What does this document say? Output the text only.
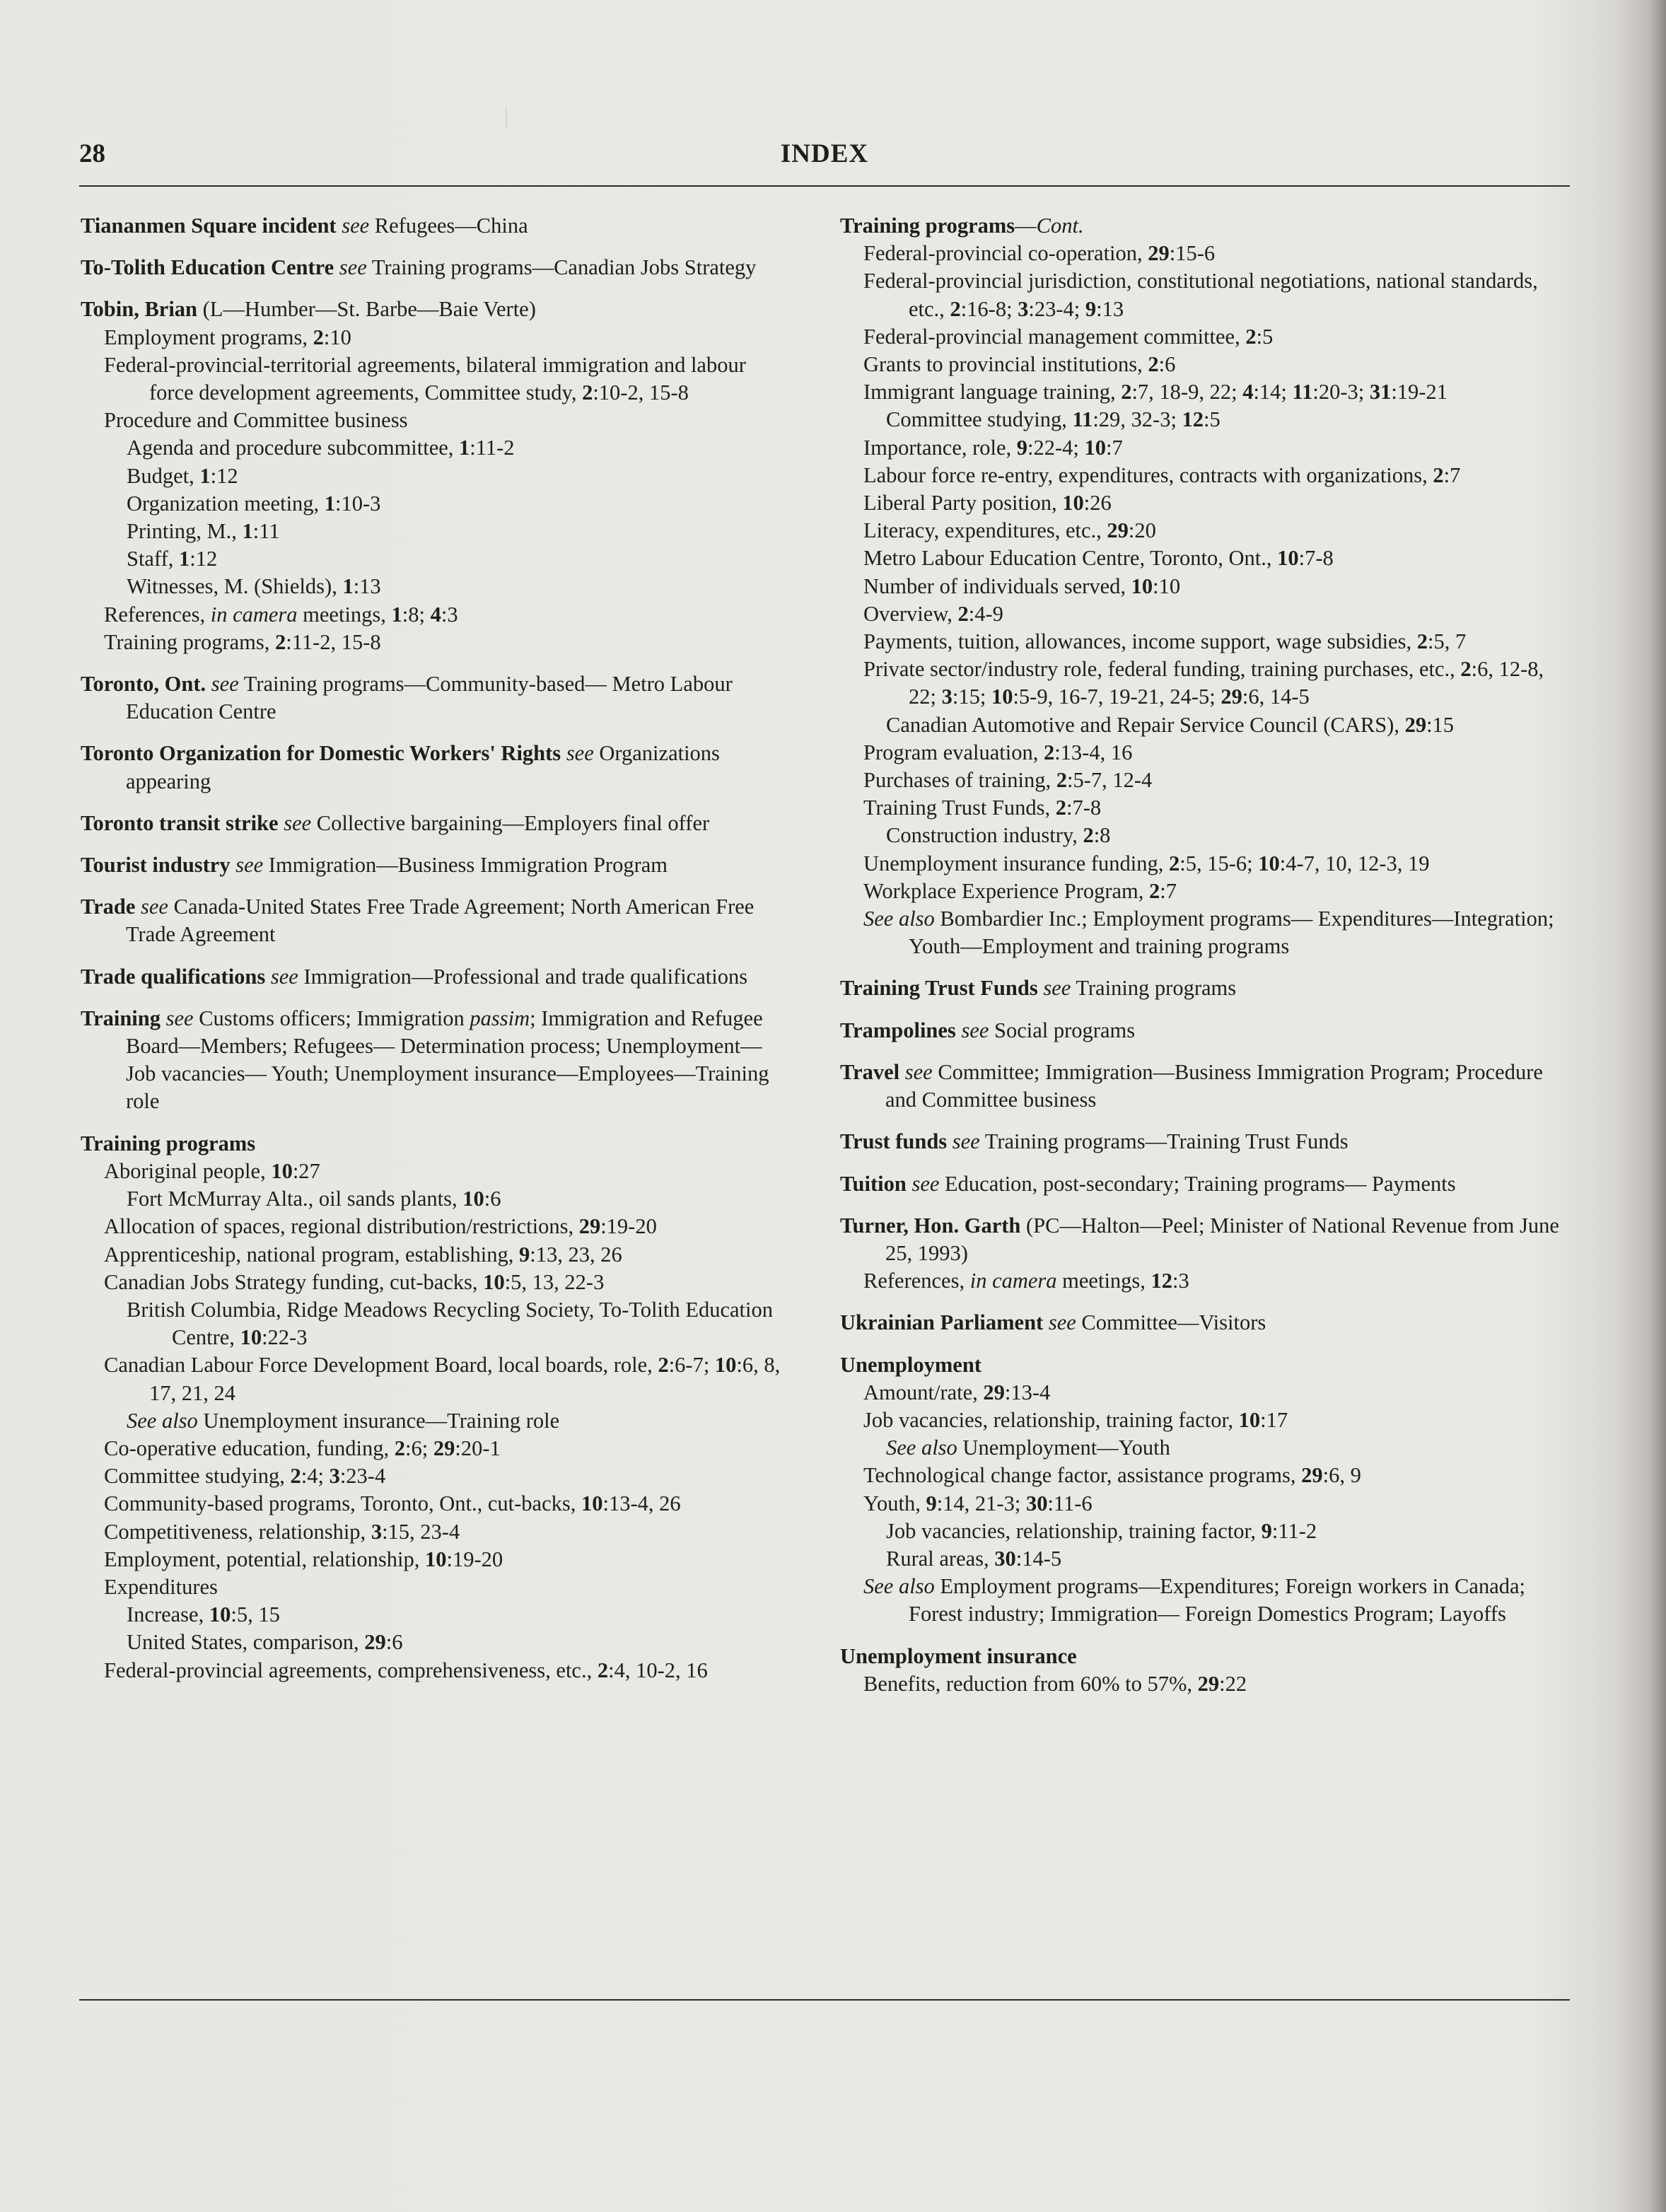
28	INDEX
Tiananmen Square incident see Refugees—China
To-Tolith Education Centre see Training programs—Canadian Jobs Strategy
Tobin, Brian (L—Humber—St. Barbe—Baie Verte)
Employment programs, 2:10
Federal-provincial-territorial agreements, bilateral immigration and labour force development agreements, Committee study, 2:10-2, 15-8
Procedure and Committee business
Agenda and procedure subcommittee, 1:11-2
Budget, 1:12
Organization meeting, 1:10-3
Printing, M., 1:11
Staff, 1:12
Witnesses, M. (Shields), 1:13
References, in camera meetings, 1:8; 4:3
Training programs, 2:11-2, 15-8
Toronto, Ont. see Training programs—Community-based— Metro Labour Education Centre
Toronto Organization for Domestic Workers' Rights see Organizations appearing
Toronto transit strike see Collective bargaining—Employers final offer
Tourist industry see Immigration—Business Immigration Program
Trade see Canada-United States Free Trade Agreement; North American Free Trade Agreement
Trade qualifications see Immigration—Professional and trade qualifications
Training see Customs officers; Immigration passim; Immigration and Refugee Board—Members; Refugees— Determination process; Unemployment—Job vacancies— Youth; Unemployment insurance—Employees—Training role
Training programs
Aboriginal people, 10:27
Fort McMurray Alta., oil sands plants, 10:6
Allocation of spaces, regional distribution/restrictions, 29:19-20
Apprenticeship, national program, establishing, 9:13, 23, 26
Canadian Jobs Strategy funding, cut-backs, 10:5, 13, 22-3
British Columbia, Ridge Meadows Recycling Society, To-Tolith Education Centre, 10:22-3
Canadian Labour Force Development Board, local boards, role, 2:6-7; 10:6, 8, 17, 21, 24
See also Unemployment insurance—Training role
Co-operative education, funding, 2:6; 29:20-1
Committee studying, 2:4; 3:23-4
Community-based programs, Toronto, Ont., cut-backs, 10:13-4, 26
Competitiveness, relationship, 3:15, 23-4
Employment, potential, relationship, 10:19-20
Expenditures
Increase, 10:5, 15
United States, comparison, 29:6
Federal-provincial agreements, comprehensiveness, etc., 2:4, 10-2, 16
Training programs—Cont.
Federal-provincial co-operation, 29:15-6
Federal-provincial jurisdiction, constitutional negotiations, national standards, etc., 2:16-8; 3:23-4; 9:13
Federal-provincial management committee, 2:5
Grants to provincial institutions, 2:6
Immigrant language training, 2:7, 18-9, 22; 4:14; 11:20-3; 31:19-21
Committee studying, 11:29, 32-3; 12:5
Importance, role, 9:22-4; 10:7
Labour force re-entry, expenditures, contracts with organizations, 2:7
Liberal Party position, 10:26
Literacy, expenditures, etc., 29:20
Metro Labour Education Centre, Toronto, Ont., 10:7-8
Number of individuals served, 10:10
Overview, 2:4-9
Payments, tuition, allowances, income support, wage subsidies, 2:5, 7
Private sector/industry role, federal funding, training purchases, etc., 2:6, 12-8, 22; 3:15; 10:5-9, 16-7, 19-21, 24-5; 29:6, 14-5
Canadian Automotive and Repair Service Council (CARS), 29:15
Program evaluation, 2:13-4, 16
Purchases of training, 2:5-7, 12-4
Training Trust Funds, 2:7-8
Construction industry, 2:8
Unemployment insurance funding, 2:5, 15-6; 10:4-7, 10, 12-3, 19
Workplace Experience Program, 2:7
See also Bombardier Inc.; Employment programs— Expenditures—Integration; Youth—Employment and training programs
Training Trust Funds see Training programs
Trampolines see Social programs
Travel see Committee; Immigration—Business Immigration Program; Procedure and Committee business
Trust funds see Training programs—Training Trust Funds
Tuition see Education, post-secondary; Training programs— Payments
Turner, Hon. Garth (PC—Halton—Peel; Minister of National Revenue from June 25, 1993)
References, in camera meetings, 12:3
Ukrainian Parliament see Committee—Visitors
Unemployment
Amount/rate, 29:13-4
Job vacancies, relationship, training factor, 10:17
See also Unemployment—Youth
Technological change factor, assistance programs, 29:6, 9
Youth, 9:14, 21-3; 30:11-6
Job vacancies, relationship, training factor, 9:11-2
Rural areas, 30:14-5
See also Employment programs—Expenditures; Foreign workers in Canada; Forest industry; Immigration— Foreign Domestics Program; Layoffs
Unemployment insurance
Benefits, reduction from 60% to 57%, 29:22
